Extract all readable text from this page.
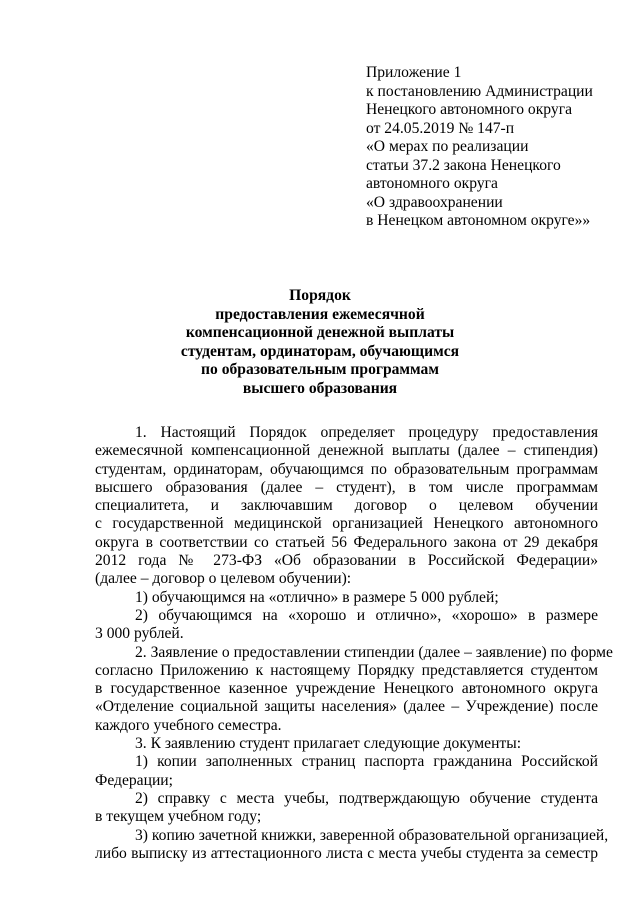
Приложение 1
к постановлению Администрации
Ненецкого автономного округа
от 24.05.2019 № 147-п
«О мерах по реализации
статьи 37.2 закона Ненецкого
автономного округа
«О здравоохранении
в Ненецком автономном округе»»
Порядок
предоставления ежемесячной
компенсационной денежной выплаты
студентам, ординаторам, обучающимся
по образовательным программам
высшего образования
1. Настоящий Порядок определяет процедуру предоставления
ежемесячной компенсационной денежной выплаты (далее – стипендия)
студентам, ординаторам, обучающимся по образовательным программам
высшего образования (далее – студент), в том числе программам
специалитета, и заключавшим договор о целевом обучении
с государственной медицинской организацией Ненецкого автономного
округа в соответствии со статьей 56 Федерального закона от 29 декабря
2012 года № 273-ФЗ «Об образовании в Российской Федерации»
(далее – договор о целевом обучении):
1) обучающимся на «отлично» в размере 5 000 рублей;
2) обучающимся на «хорошо и отлично», «хорошо» в размере
3 000 рублей.
2. Заявление о предоставлении стипендии (далее – заявление) по форме
согласно Приложению к настоящему Порядку представляется студентом
в государственное казенное учреждение Ненецкого автономного округа
«Отделение социальной защиты населения» (далее – Учреждение) после
каждого учебного семестра.
3. К заявлению студент прилагает следующие документы:
1) копии заполненных страниц паспорта гражданина Российской
Федерации;
2) справку с места учебы, подтверждающую обучение студента
в текущем учебном году;
3) копию зачетной книжки, заверенной образовательной организацией,
либо выписку из аттестационного листа с места учебы студента за семестр
